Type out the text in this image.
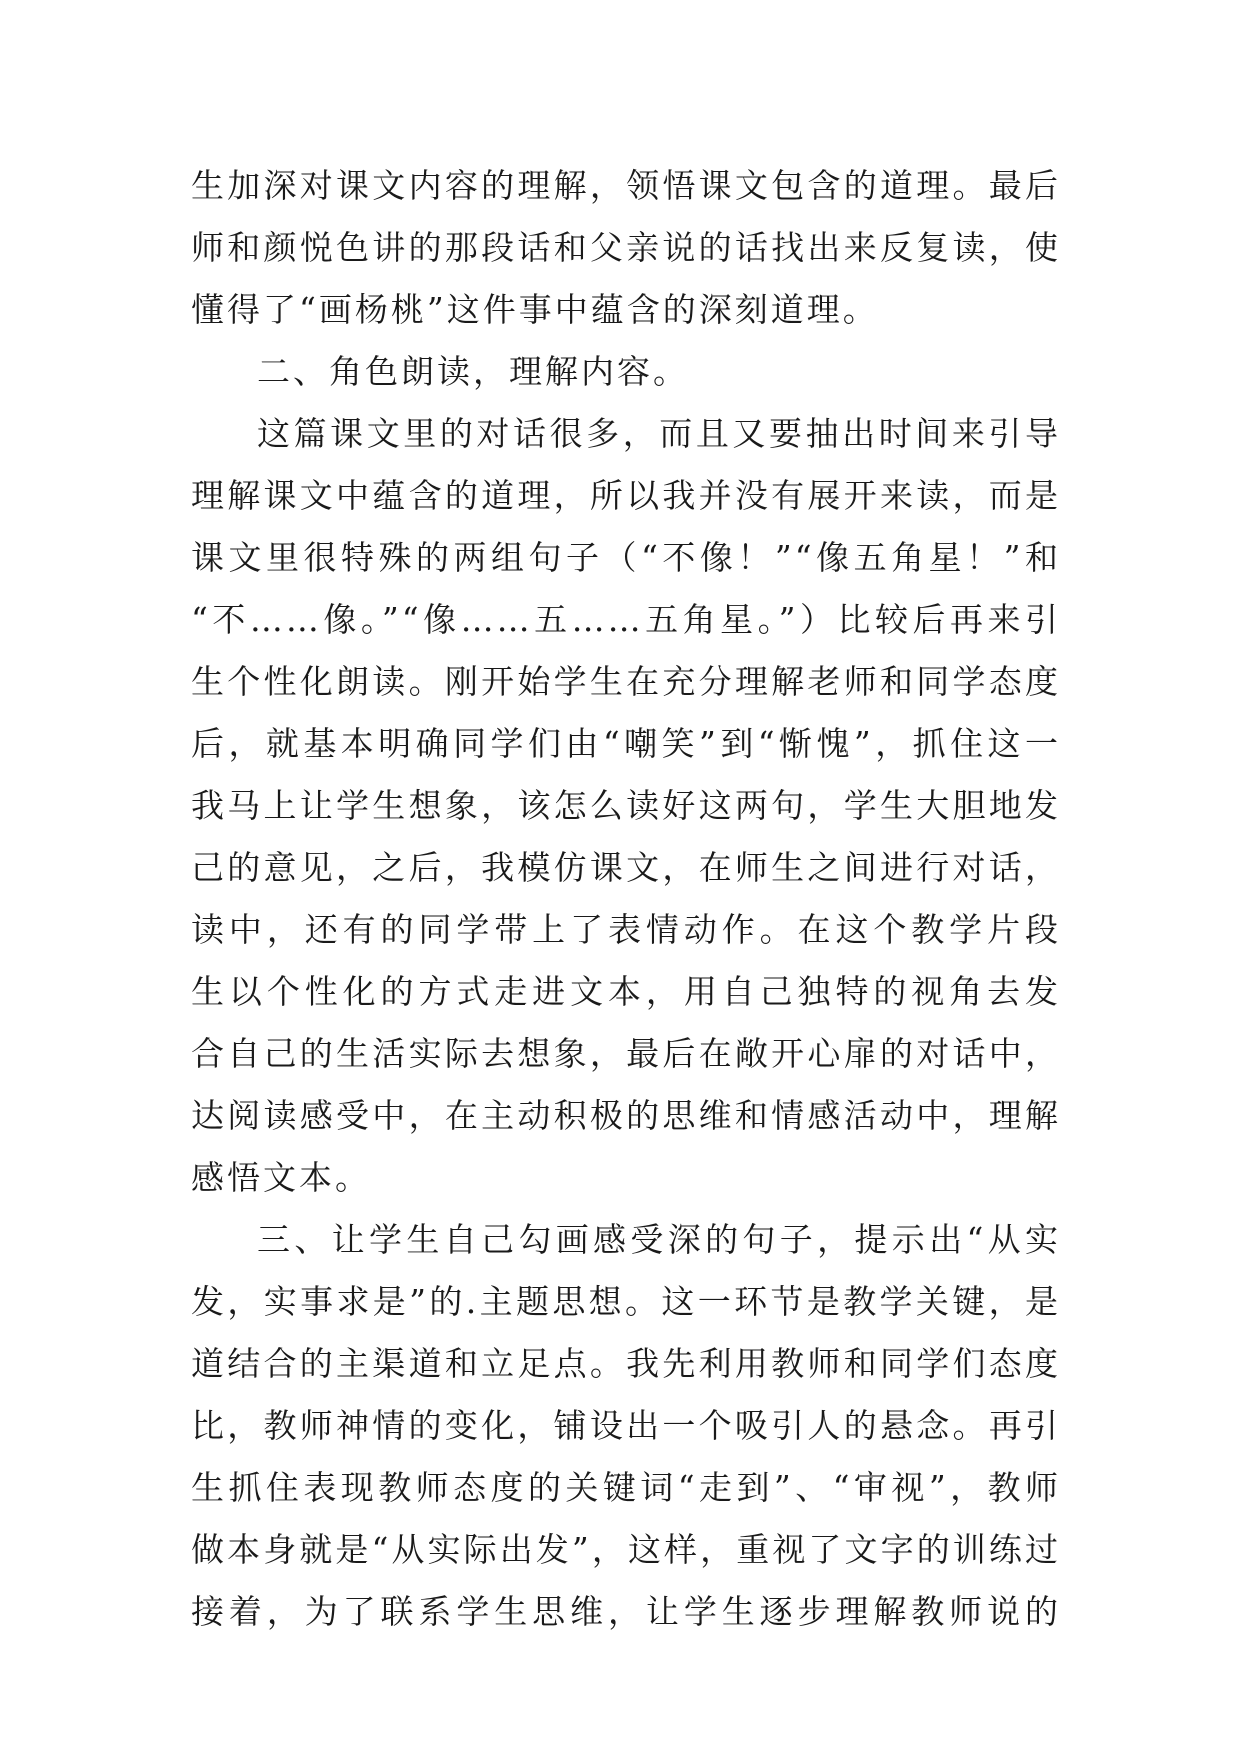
生加深对课文内容的理解，领悟课文包含的道理。最后
师和颜悦色讲的那段话和父亲说的话找出来反复读，使
懂得了“画杨桃”这件事中蕴含的深刻道理。
二、角色朗读，理解内容。
这篇课文里的对话很多，而且又要抽出时间来引导
理解课文中蕴含的道理，所以我并没有展开来读，而是
课文里很特殊的两组句子（“不像！”“像五角星！”和
“不……像。”“像……五……五角星。”）比较后再来引
生个性化朗读。刚开始学生在充分理解老师和同学态度
后，就基本明确同学们由“嘲笑”到“惭愧”，抓住这一
我马上让学生想象，该怎么读好这两句，学生大胆地发
己的意见，之后，我模仿课文，在师生之间进行对话，
读中，还有的同学带上了表情动作。在这个教学片段
生以个性化的方式走进文本，用自己独特的视角去发
合自己的生活实际去想象，最后在敞开心扉的对话中，
达阅读感受中，在主动积极的思维和情感活动中，理解
感悟文本。
三、让学生自己勾画感受深的句子，提示出“从实
发，实事求是”的.主题思想。这一环节是教学关键，是
道结合的主渠道和立足点。我先利用教师和同学们态度
比，教师神情的变化，铺设出一个吸引人的悬念。再引
生抓住表现教师态度的关键词“走到”、“审视”，教师
做本身就是“从实际出发”，这样，重视了文字的训练过
接着，为了联系学生思维，让学生逐步理解教师说的
